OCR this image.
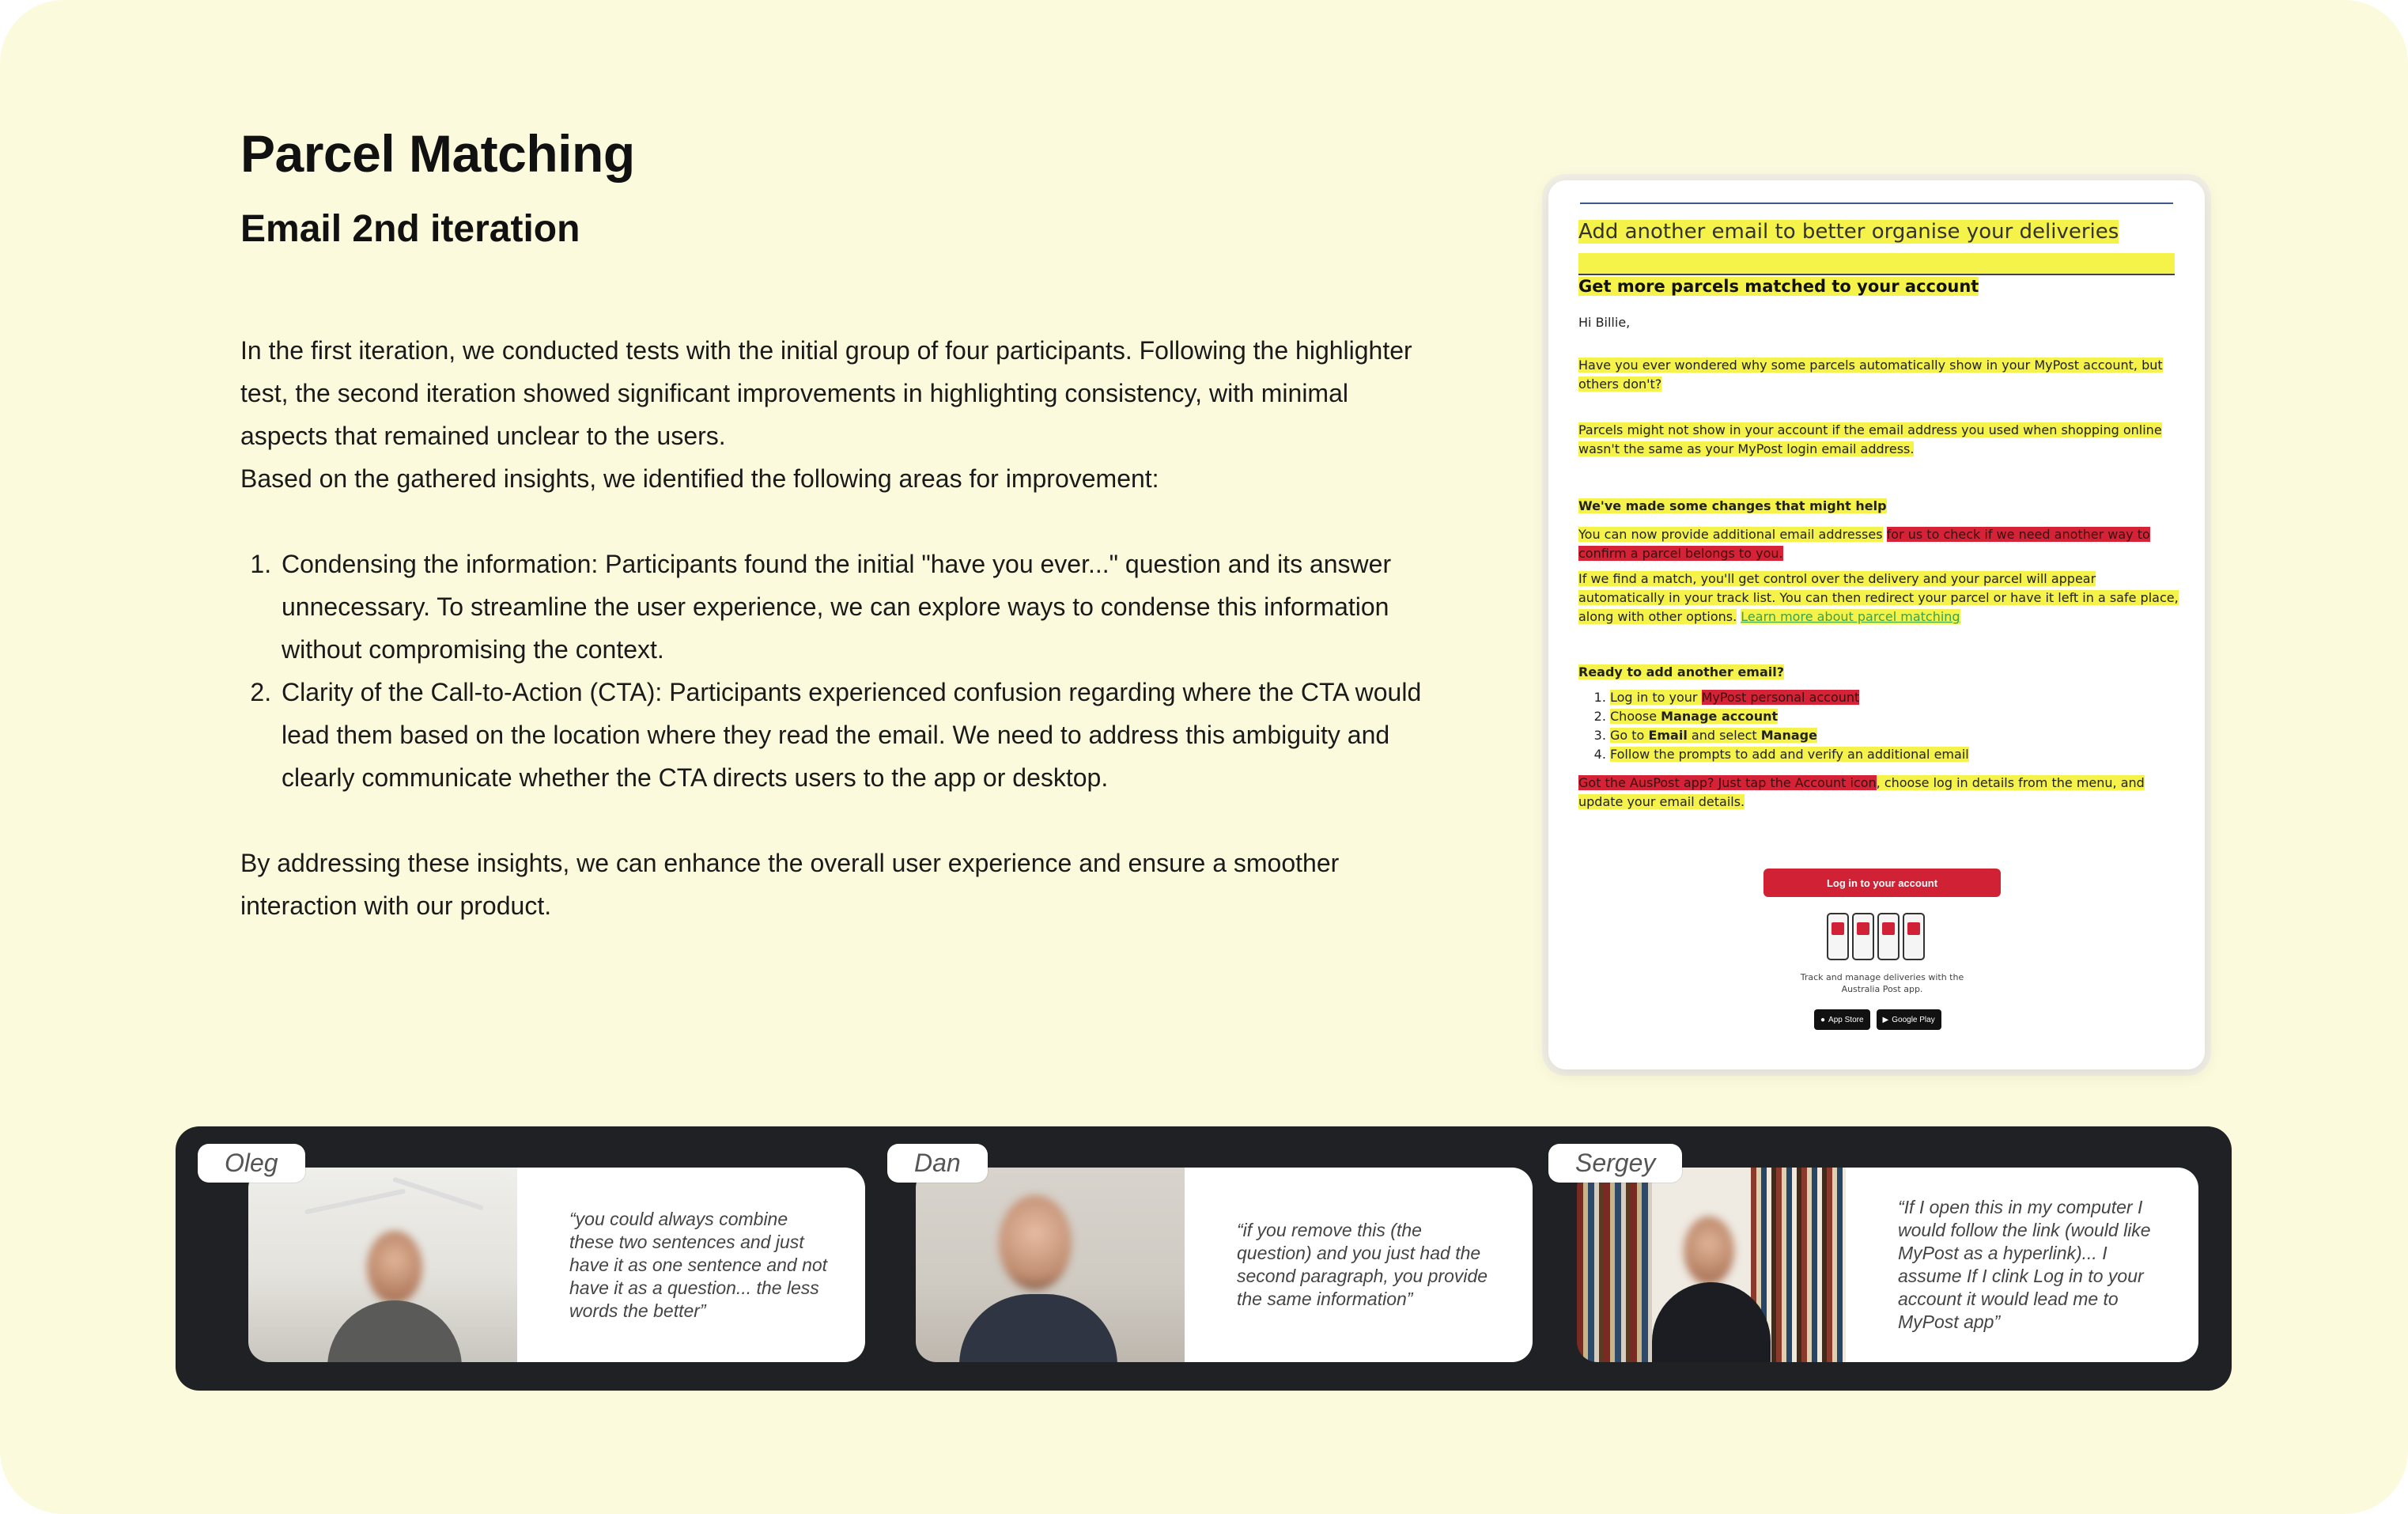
Parcel Matching
Email 2nd iteration

In the first iteration, we conducted tests with the initial group of four participants. Following the highlighter test, the second iteration showed significant improvements in highlighting consistency, with minimal aspects that remained unclear to the users.

Based on the gathered insights, we identified the following areas for improvement:

1. Condensing the information: Participants found the initial "have you ever..." question and its answer unnecessary. To streamline the user experience, we can explore ways to condense this information without compromising the context.
2. Clarity of the Call-to-Action (CTA): Participants experienced confusion regarding where the CTA would lead them based on the location where they read the email. We need to address this ambiguity and clearly communicate whether the CTA directs users to the app or desktop.

By addressing these insights, we can enhance the overall user experience and ensure a smoother interaction with our product.

Add another email to better organise your deliveries
Get more parcels matched to your account
Hi Billie,
Have you ever wondered why some parcels automatically show in your MyPost account, but others don't?
Parcels might not show in your account if the email address you used when shopping online wasn't the same as your MyPost login email address.
We've made some changes that might help
You can now provide additional email addresses for us to check if we need another way to confirm a parcel belongs to you.
If we find a match, you'll get control over the delivery and your parcel will appear automatically in your track list. You can then redirect your parcel or have it left in a safe place, along with other options. Learn more about parcel matching
Ready to add another email?
1. Log in to your MyPost personal account
2. Choose Manage account
3. Go to Email and select Manage
4. Follow the prompts to add and verify an additional email
Got the AusPost app? Just tap the Account icon, choose log in details from the menu, and update your email details.
Log in to your account
Track and manage deliveries with the Australia Post app.
● App Store ▶ Google Play
“you could always combine these two sentences and just have it as one sentence and not have it as a question... the less words the better”
Oleg
“if you remove this (the question) and you just had the second paragraph, you provide the same information”
Dan
“If I open this in my computer I would follow the link (would like MyPost as a hyperlink)... I assume If I clink Log in to your account it would lead me to MyPost app”
Sergey
